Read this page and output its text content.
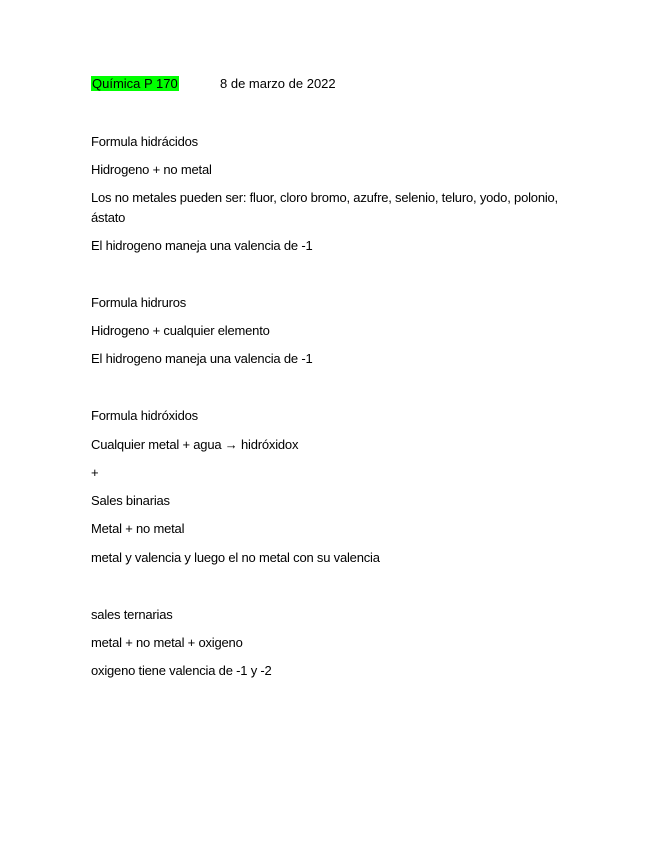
Química P 170	8 de marzo de 2022
Formula hidrácidos
Hidrogeno + no metal
Los no metales pueden ser: fluor, cloro bromo, azufre, selenio, teluro, yodo, polonio, ástato
El hidrogeno maneja una valencia de -1
Formula hidruros
Hidrogeno + cualquier elemento
El hidrogeno maneja una valencia de -1
Formula hidróxidos
Cualquier metal + agua → hidróxidox
+
Sales binarias
Metal + no metal
metal y valencia y luego el no metal con su valencia
sales ternarias
metal + no metal + oxigeno
oxigeno tiene valencia de -1 y -2
